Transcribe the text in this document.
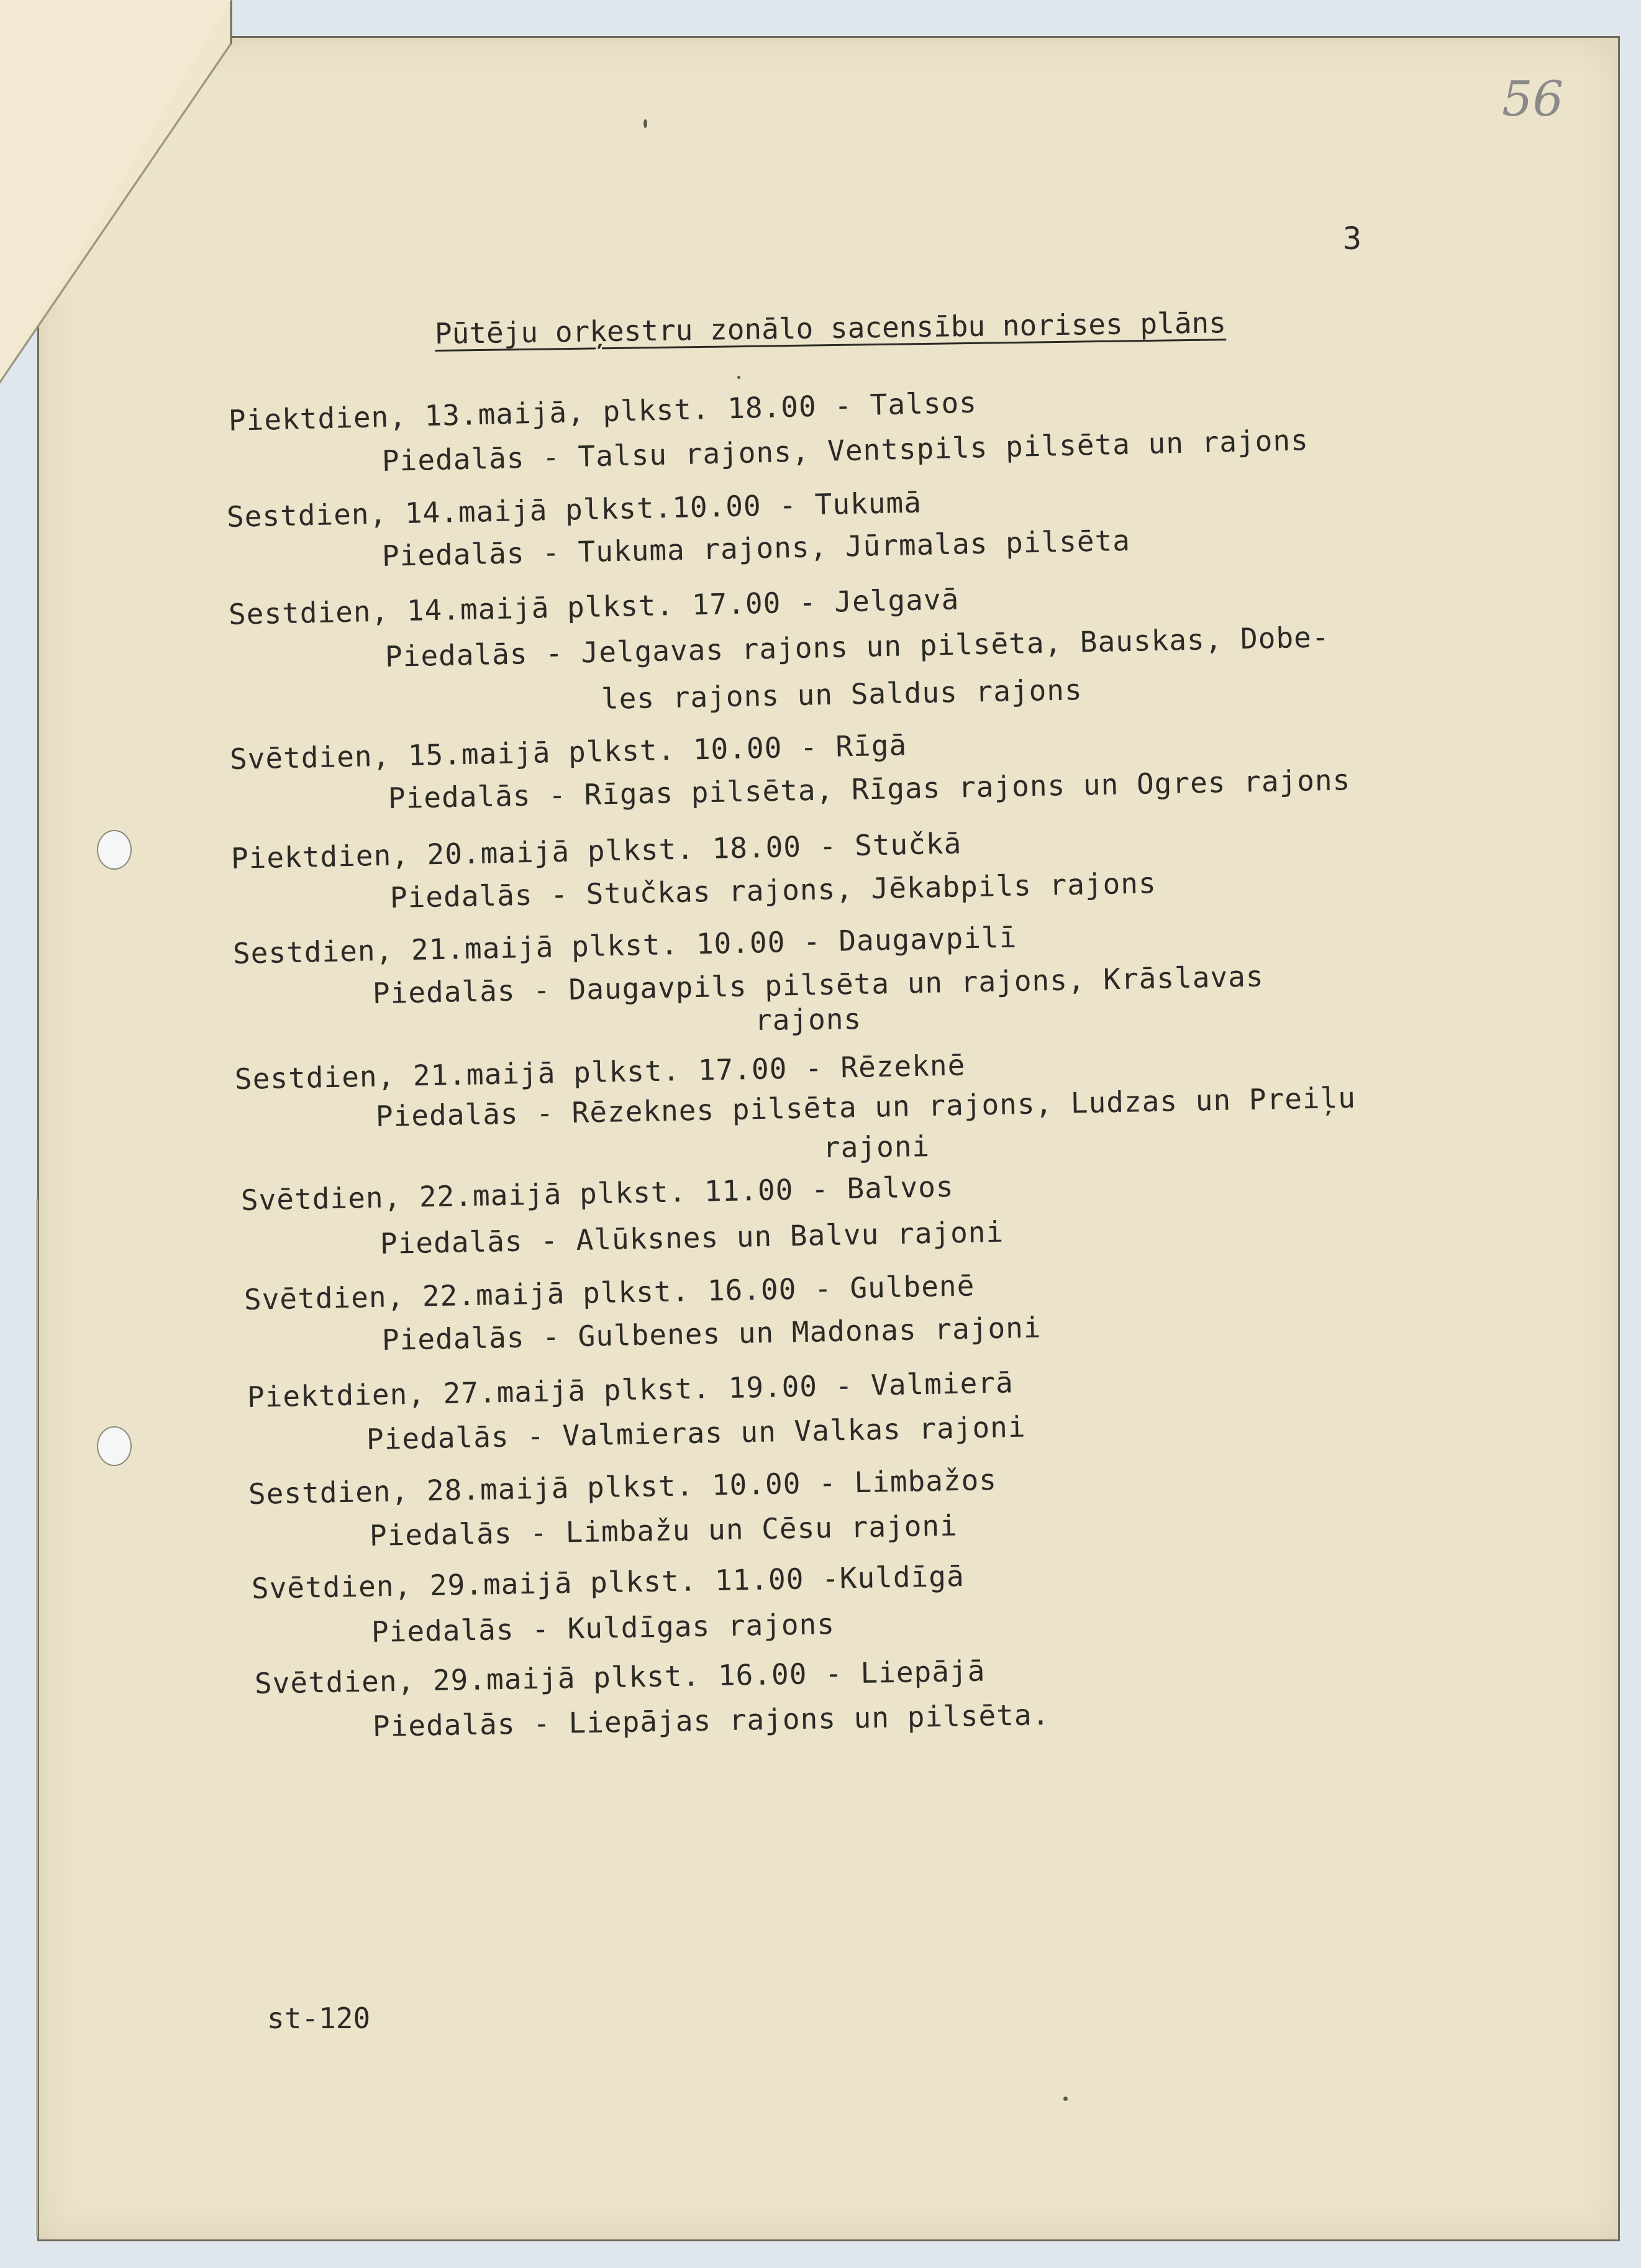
56
3
Pūtēju orķestru zonālo sacensību norises plāns
Piektdien, 13.maijā, plkst. 18.00 - Talsos
Piedalās - Talsu rajons, Ventspils pilsēta un rajons
Sestdien, 14.maijā plkst.10.00 - Tukumā
Piedalās - Tukuma rajons, Jūrmalas pilsēta
Sestdien, 14.maijā plkst. 17.00 - Jelgavā
Piedalās - Jelgavas rajons un pilsēta, Bauskas, Dobe-
les rajons un Saldus rajons
Svētdien, 15.maijā plkst. 10.00 - Rīgā
Piedalās - Rīgas pilsēta, Rīgas rajons un Ogres rajons
Piektdien, 20.maijā plkst. 18.00 - Stučkā
Piedalās - Stučkas rajons, Jēkabpils rajons
Sestdien, 21.maijā plkst. 10.00 - Daugavpilī
Piedalās - Daugavpils pilsēta un rajons, Krāslavas
rajons
Sestdien, 21.maijā plkst. 17.00 - Rēzeknē
Piedalās - Rēzeknes pilsēta un rajons, Ludzas un Preiļu
rajoni
Svētdien, 22.maijā plkst. 11.00 - Balvos
Piedalās - Alūksnes un Balvu rajoni
Svētdien, 22.maijā plkst. 16.00 - Gulbenē
Piedalās - Gulbenes un Madonas rajoni
Piektdien, 27.maijā plkst. 19.00 - Valmierā
Piedalās - Valmieras un Valkas rajoni
Sestdien, 28.maijā plkst. 10.00 - Limbažos
Piedalās - Limbažu un Cēsu rajoni
Svētdien, 29.maijā plkst. 11.00 -Kuldīgā
Piedalās - Kuldīgas rajons
Svētdien, 29.maijā plkst. 16.00 - Liepājā
Piedalās - Liepājas rajons un pilsēta.
st-120
